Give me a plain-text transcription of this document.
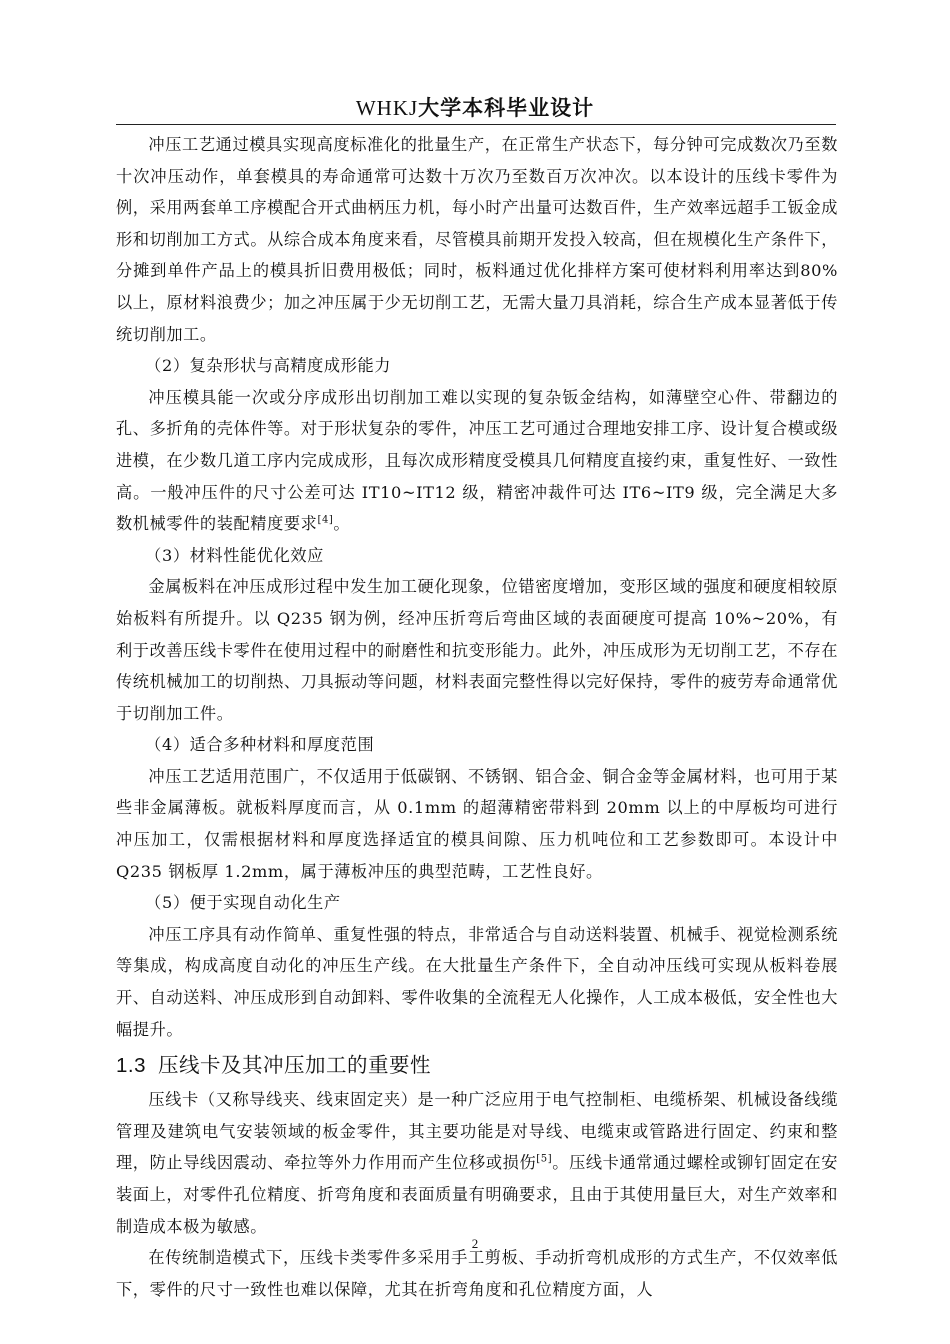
WHKJ大学本科毕业设计

冲压工艺通过模具实现高度标准化的批量生产，在正常生产状态下，每分钟可完成数次乃至数十次冲压动作，单套模具的寿命通常可达数十万次乃至数百万次冲次。以本设计的压线卡零件为例，采用两套单工序模配合开式曲柄压力机，每小时产出量可达数百件，生产效率远超手工钣金成形和切削加工方式。从综合成本角度来看，尽管模具前期开发投入较高，但在规模化生产条件下，分摊到单件产品上的模具折旧费用极低；同时，板料通过优化排样方案可使材料利用率达到80%以上，原材料浪费少；加之冲压属于少无切削工艺，无需大量刀具消耗，综合生产成本显著低于传统切削加工。

（2）复杂形状与高精度成形能力

冲压模具能一次或分序成形出切削加工难以实现的复杂钣金结构，如薄壁空心件、带翻边的孔、多折角的壳体件等。对于形状复杂的零件，冲压工艺可通过合理地安排工序、设计复合模或级进模，在少数几道工序内完成成形，且每次成形精度受模具几何精度直接约束，重复性好、一致性高。一般冲压件的尺寸公差可达 IT10~IT12 级，精密冲裁件可达 IT6~IT9 级，完全满足大多数机械零件的装配精度要求[4]。

（3）材料性能优化效应

金属板料在冲压成形过程中发生加工硬化现象，位错密度增加，变形区域的强度和硬度相较原始板料有所提升。以 Q235 钢为例，经冲压折弯后弯曲区域的表面硬度可提高 10%~20%，有利于改善压线卡零件在使用过程中的耐磨性和抗变形能力。此外，冲压成形为无切削工艺，不存在传统机械加工的切削热、刀具振动等问题，材料表面完整性得以完好保持，零件的疲劳寿命通常优于切削加工件。

（4）适合多种材料和厚度范围

冲压工艺适用范围广，不仅适用于低碳钢、不锈钢、铝合金、铜合金等金属材料，也可用于某些非金属薄板。就板料厚度而言，从 0.1mm 的超薄精密带料到 20mm 以上的中厚板均可进行冲压加工，仅需根据材料和厚度选择适宜的模具间隙、压力机吨位和工艺参数即可。本设计中 Q235 钢板厚 1.2mm，属于薄板冲压的典型范畴，工艺性良好。

（5）便于实现自动化生产

冲压工序具有动作简单、重复性强的特点，非常适合与自动送料装置、机械手、视觉检测系统等集成，构成高度自动化的冲压生产线。在大批量生产条件下，全自动冲压线可实现从板料卷展开、自动送料、冲压成形到自动卸料、零件收集的全流程无人化操作，人工成本极低，安全性也大幅提升。

1.3 压线卡及其冲压加工的重要性

压线卡（又称导线夹、线束固定夹）是一种广泛应用于电气控制柜、电缆桥架、机械设备线缆管理及建筑电气安装领域的板金零件，其主要功能是对导线、电缆束或管路进行固定、约束和整理，防止导线因震动、牵拉等外力作用而产生位移或损伤[5]。压线卡通常通过螺栓或铆钉固定在安装面上，对零件孔位精度、折弯角度和表面质量有明确要求，且由于其使用量巨大，对生产效率和制造成本极为敏感。

在传统制造模式下，压线卡类零件多采用手工剪板、手动折弯机成形的方式生产，不仅效率低下，零件的尺寸一致性也难以保障，尤其在折弯角度和孔位精度方面，人

2
